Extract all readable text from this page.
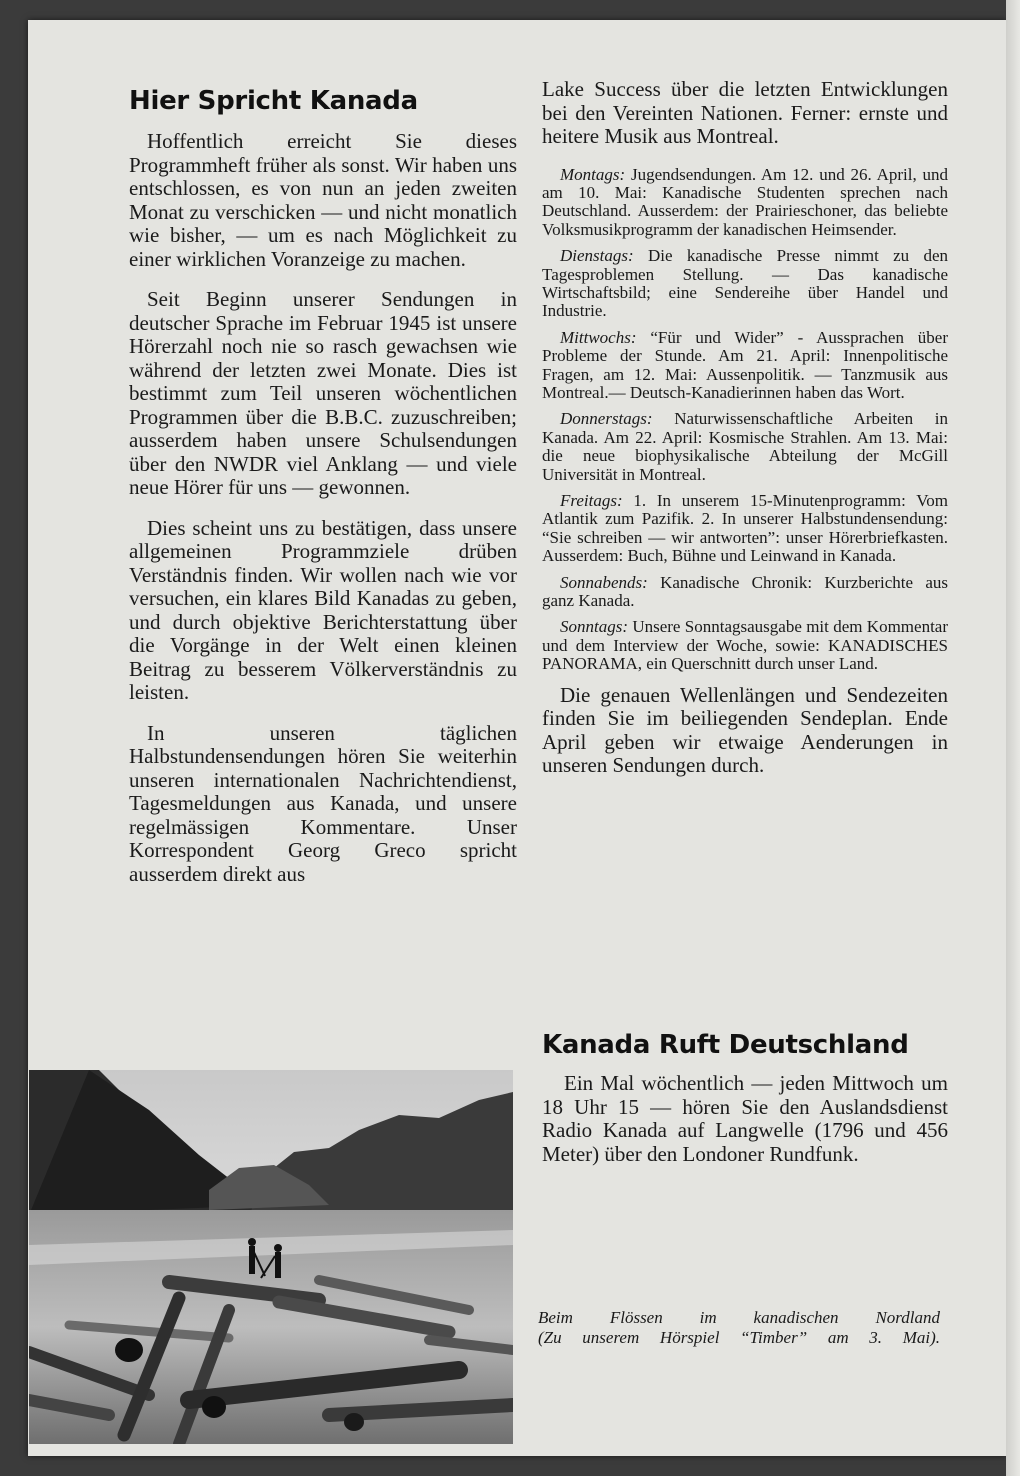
Hier Spricht Kanada

Hoffentlich erreicht Sie dieses Programmheft früher als sonst. Wir haben uns entschlossen, es von nun an jeden zweiten Monat zu verschicken — und nicht monatlich wie bisher, — um es nach Möglichkeit zu einer wirklichen Voranzeige zu machen.

Seit Beginn unserer Sendungen in deutscher Sprache im Februar 1945 ist unsere Hörerzahl noch nie so rasch gewachsen wie während der letzten zwei Monate. Dies ist bestimmt zum Teil unseren wöchentlichen Programmen über die B.B.C. zuzuschreiben; ausserdem haben unsere Schulsendungen über den NWDR viel Anklang — und viele neue Hörer für uns — gewonnen.

Dies scheint uns zu bestätigen, dass unsere allgemeinen Programmziele drüben Verständnis finden. Wir wollen nach wie vor versuchen, ein klares Bild Kanadas zu geben, und durch objektive Berichterstattung über die Vorgänge in der Welt einen kleinen Beitrag zu besserem Völkerverständnis zu leisten.

In unseren täglichen Halbstundensendungen hören Sie weiterhin unseren internationalen Nachrichtendienst, Tagesmeldungen aus Kanada, und unsere regelmässigen Kommentare. Unser Korrespondent Georg Greco spricht ausserdem direkt aus

Lake Success über die letzten Entwicklungen bei den Vereinten Nationen. Ferner: ernste und heitere Musik aus Montreal.

Montags: Jugendsendungen. Am 12. und 26. April, und am 10. Mai: Kanadische Studenten sprechen nach Deutschland. Ausserdem: der Prairieschoner, das beliebte Volksmusikprogramm der kanadischen Heimsender.

Dienstags: Die kanadische Presse nimmt zu den Tagesproblemen Stellung. — Das kanadische Wirtschaftsbild; eine Sendereihe über Handel und Industrie.

Mittwochs: “Für und Wider” - Aussprachen über Probleme der Stunde. Am 21. April: Innenpolitische Fragen, am 12. Mai: Aussenpolitik. — Tanzmusik aus Montreal.— Deutsch-Kanadierinnen haben das Wort.

Donnerstags: Naturwissenschaftliche Arbeiten in Kanada. Am 22. April: Kosmische Strahlen. Am 13. Mai: die neue biophysikalische Abteilung der McGill Universität in Montreal.

Freitags: 1. In unserem 15-Minutenprogramm: Vom Atlantik zum Pazifik. 2. In unserer Halbstundensendung: “Sie schreiben — wir antworten”: unser Hörerbriefkasten. Ausserdem: Buch, Bühne und Leinwand in Kanada.

Sonnabends: Kanadische Chronik: Kurzberichte aus ganz Kanada.

Sonntags: Unsere Sonntagsausgabe mit dem Kommentar und dem Interview der Woche, sowie: KANADISCHES PANORAMA, ein Querschnitt durch unser Land.

Die genauen Wellenlängen und Sendezeiten finden Sie im beiliegenden Sendeplan. Ende April geben wir etwaige Aenderungen in unseren Sendungen durch.

Kanada Ruft Deutschland

Ein Mal wöchentlich — jeden Mittwoch um 18 Uhr 15 — hören Sie den Auslandsdienst Radio Kanada auf Langwelle (1796 und 456 Meter) über den Londoner Rundfunk.

Beim Flössen im kanadischen Nordland
(Zu unserem Hörspiel “Timber” am 3. Mai).
